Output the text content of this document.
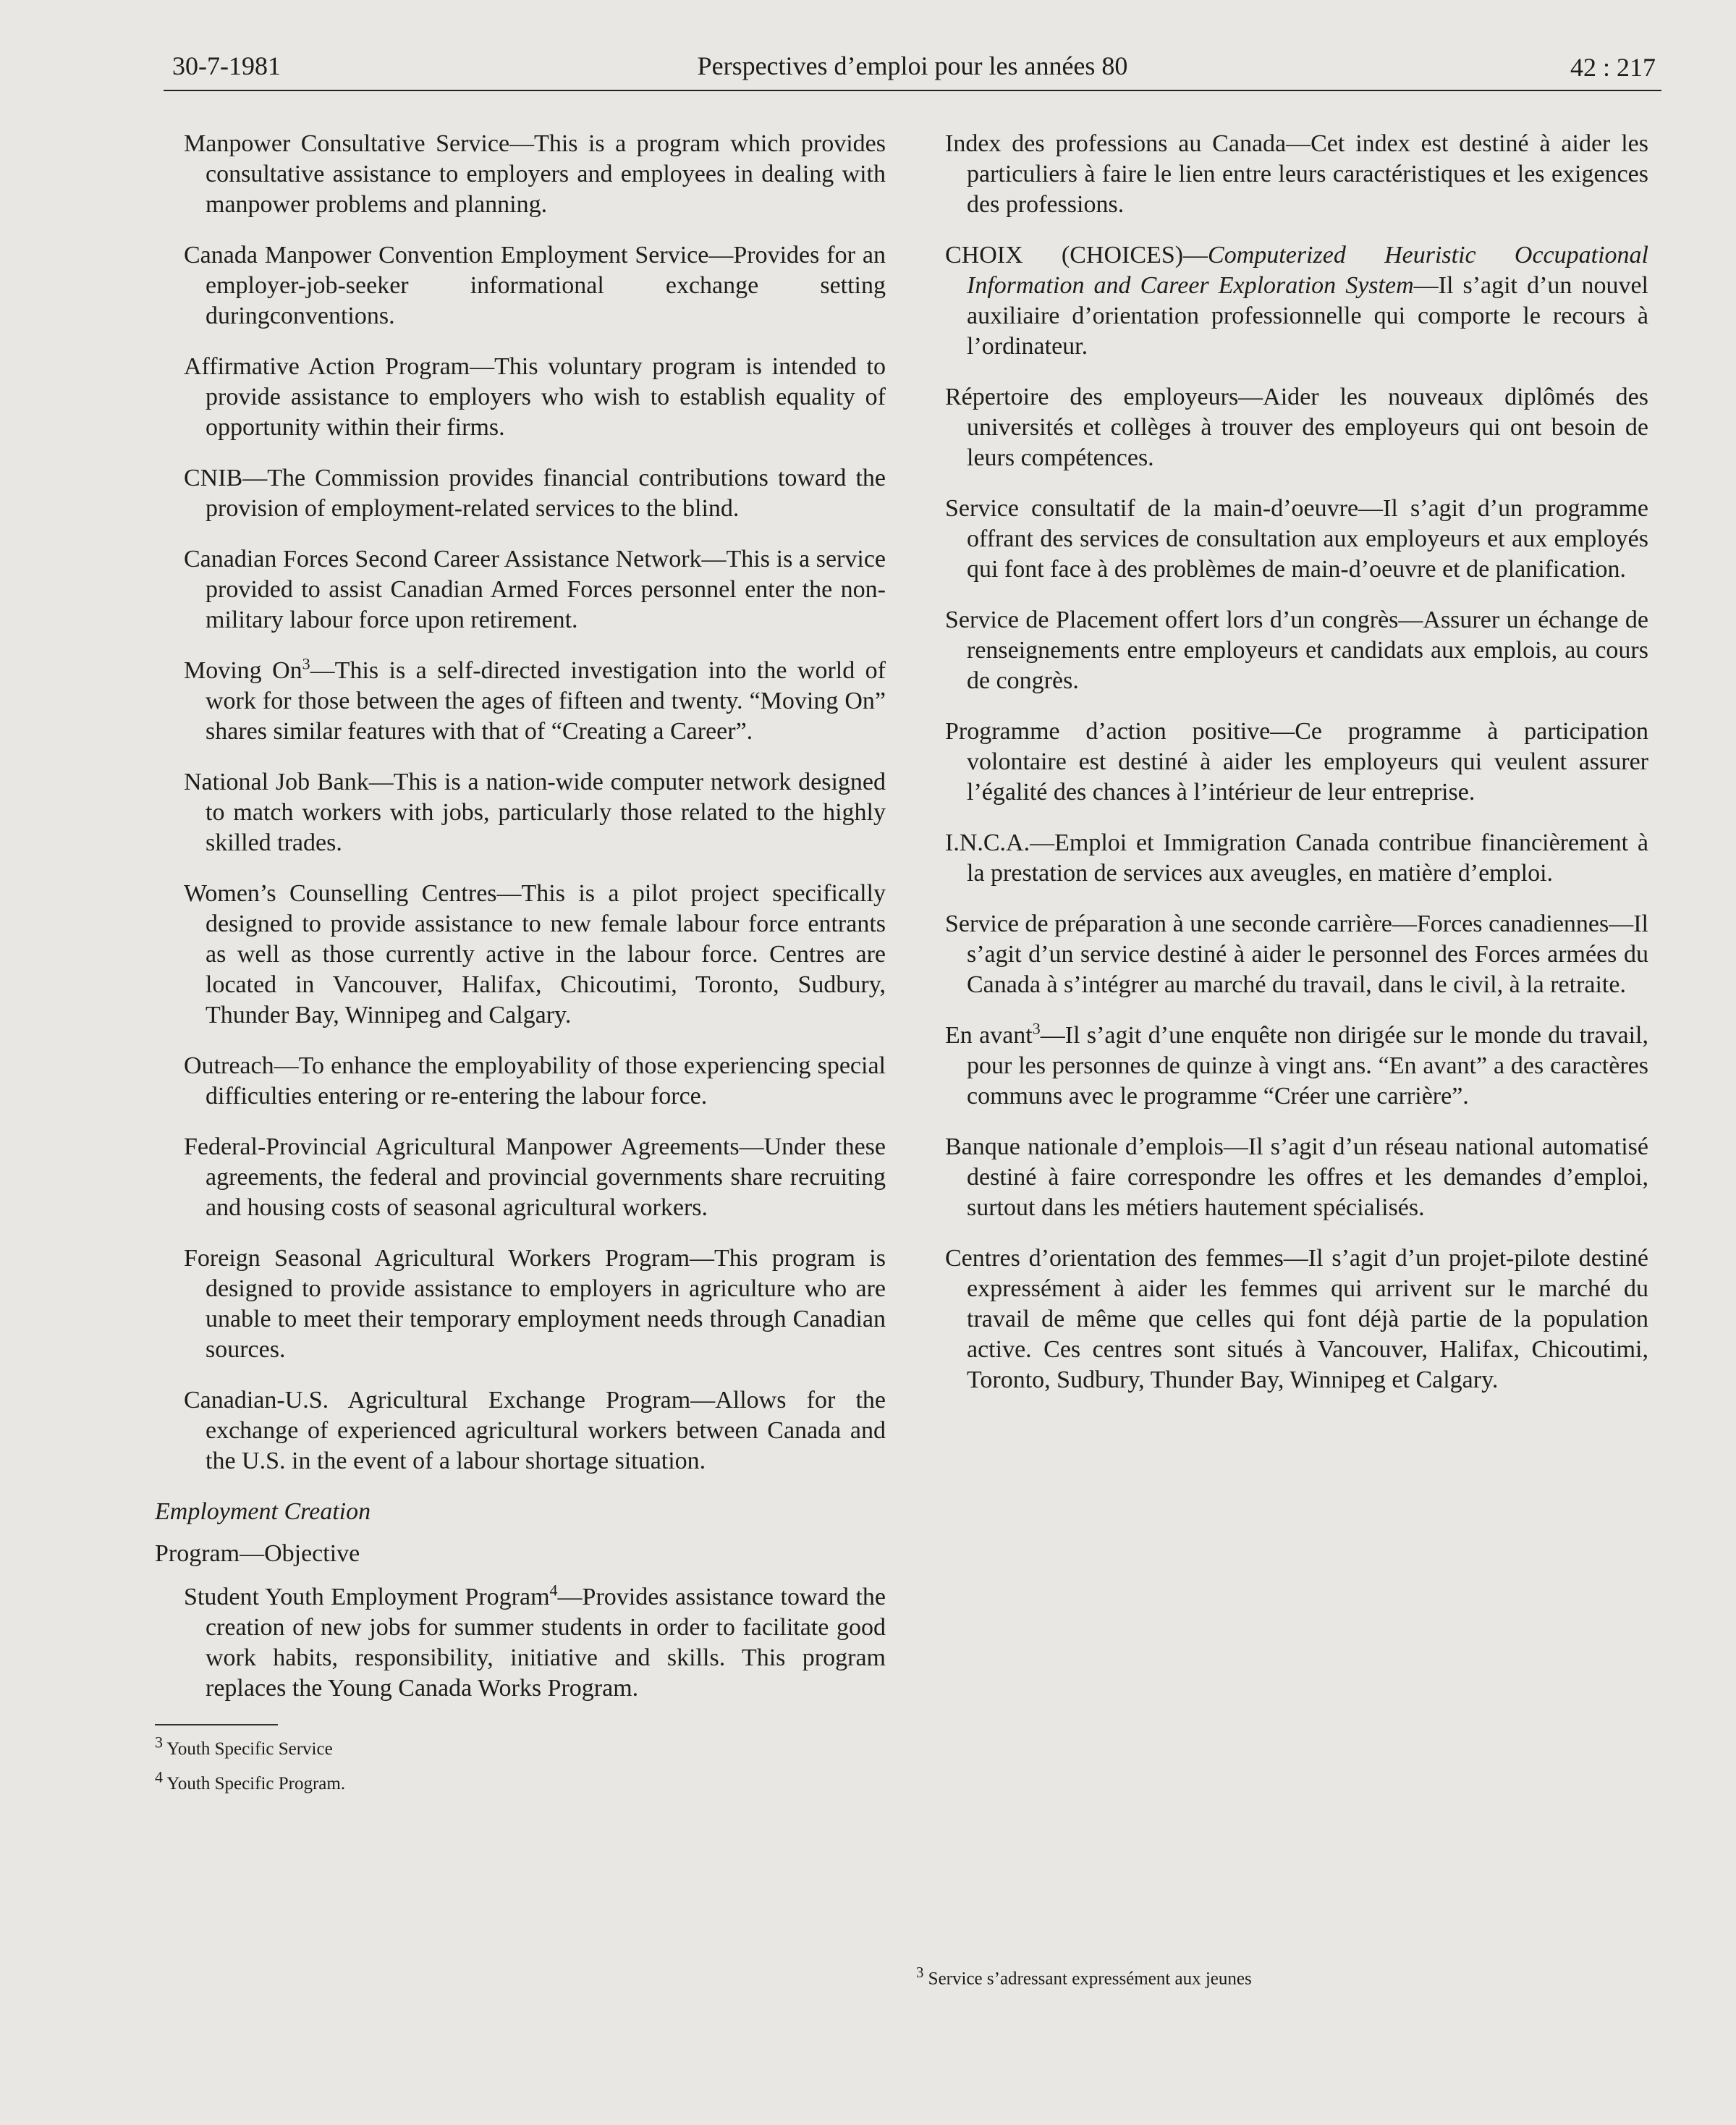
30-7-1981	Perspectives d’emploi pour les années 80	42 : 217

Manpower Consultative Service—This is a program which provides consultative assistance to employers and employees in dealing with manpower problems and planning.

Canada Manpower Convention Employment Service—Provides for an employer-job-seeker informational exchange setting duringconventions.

Affirmative Action Program—This voluntary program is intended to provide assistance to employers who wish to establish equality of opportunity within their firms.

CNIB—The Commission provides financial contributions toward the provision of employment-related services to the blind.

Canadian Forces Second Career Assistance Network—This is a service provided to assist Canadian Armed Forces personnel enter the non-military labour force upon retirement.

Moving On$^3$—This is a self-directed investigation into the world of work for those between the ages of fifteen and twenty. “Moving On” shares similar features with that of “Creating a Career”.

National Job Bank—This is a nation-wide computer network designed to match workers with jobs, particularly those related to the highly skilled trades.

Women’s Counselling Centres—This is a pilot project specifically designed to provide assistance to new female labour force entrants as well as those currently active in the labour force. Centres are located in Vancouver, Halifax, Chicoutimi, Toronto, Sudbury, Thunder Bay, Winnipeg and Calgary.

Outreach—To enhance the employability of those experiencing special difficulties entering or re-entering the labour force.

Federal-Provincial Agricultural Manpower Agreements—Under these agreements, the federal and provincial governments share recruiting and housing costs of seasonal agricultural workers.

Foreign Seasonal Agricultural Workers Program—This program is designed to provide assistance to employers in agriculture who are unable to meet their temporary employment needs through Canadian sources.

Canadian-U.S. Agricultural Exchange Program—Allows for the exchange of experienced agricultural workers between Canada and the U.S. in the event of a labour shortage situation.

Employment Creation

Program—Objective

Student Youth Employment Program$^4$—Provides assistance toward the creation of new jobs for summer students in order to facilitate good work habits, responsibility, initiative and skills. This program replaces the Young Canada Works Program.

$^3$ Youth Specific Service

$^4$ Youth Specific Program.

Index des professions au Canada—Cet index est destiné à aider les particuliers à faire le lien entre leurs caractéristiques et les exigences des professions.

CHOIX (CHOICES)—Computerized Heuristic Occupational Information and Career Exploration System—Il s’agit d’un nouvel auxiliaire d’orientation professionnelle qui comporte le recours à l’ordinateur.

Répertoire des employeurs—Aider les nouveaux diplômés des universités et collèges à trouver des employeurs qui ont besoin de leurs compétences.

Service consultatif de la main-d’oeuvre—Il s’agit d’un programme offrant des services de consultation aux employeurs et aux employés qui font face à des problèmes de main-d’oeuvre et de planification.

Service de Placement offert lors d’un congrès—Assurer un échange de renseignements entre employeurs et candidats aux emplois, au cours de congrès.

Programme d’action positive—Ce programme à participation volontaire est destiné à aider les employeurs qui veulent assurer l’égalité des chances à l’intérieur de leur entreprise.

I.N.C.A.—Emploi et Immigration Canada contribue financièrement à la prestation de services aux aveugles, en matière d’emploi.

Service de préparation à une seconde carrière—Forces canadiennes—Il s’agit d’un service destiné à aider le personnel des Forces armées du Canada à s’intégrer au marché du travail, dans le civil, à la retraite.

En avant$^3$—Il s’agit d’une enquête non dirigée sur le monde du travail, pour les personnes de quinze à vingt ans. “En avant” a des caractères communs avec le programme “Créer une carrière”.

Banque nationale d’emplois—Il s’agit d’un réseau national automatisé destiné à faire correspondre les offres et les demandes d’emploi, surtout dans les métiers hautement spécialisés.

Centres d’orientation des femmes—Il s’agit d’un projet-pilote destiné expressément à aider les femmes qui arrivent sur le marché du travail de même que celles qui font déjà partie de la population active. Ces centres sont situés à Vancouver, Halifax, Chicoutimi, Toronto, Sudbury, Thunder Bay, Winnipeg et Calgary.

$^3$ Service s’adressant expressément aux jeunes
